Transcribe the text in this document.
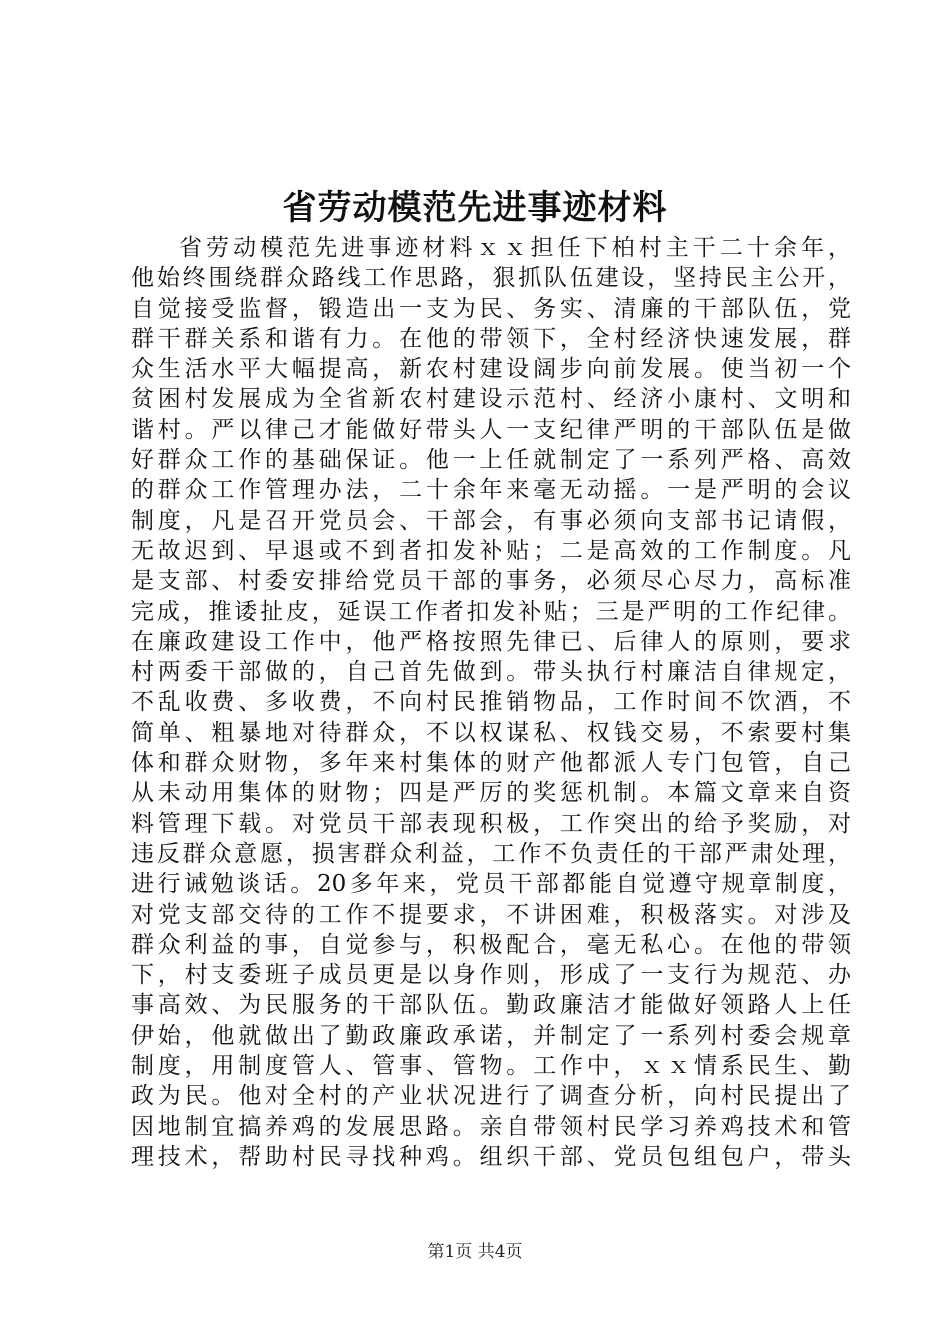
省劳动模范先进事迹材料
省劳动模范先进事迹材料ｘｘ担任下柏村主干二十余年，
他始终围绕群众路线工作思路，狠抓队伍建设，坚持民主公开，
自觉接受监督，锻造出一支为民、务实、清廉的干部队伍，党
群干群关系和谐有力。在他的带领下，全村经济快速发展，群
众生活水平大幅提高，新农村建设阔步向前发展。使当初一个
贫困村发展成为全省新农村建设示范村、经济小康村、文明和
谐村。严以律己才能做好带头人一支纪律严明的干部队伍是做
好群众工作的基础保证。他一上任就制定了一系列严格、高效
的群众工作管理办法，二十余年来毫无动摇。一是严明的会议
制度，凡是召开党员会、干部会，有事必须向支部书记请假，
无故迟到、早退或不到者扣发补贴；二是高效的工作制度。凡
是支部、村委安排给党员干部的事务，必须尽心尽力，高标准
完成，推诿扯皮，延误工作者扣发补贴；三是严明的工作纪律。
在廉政建设工作中，他严格按照先律已、后律人的原则，要求
村两委干部做的，自己首先做到。带头执行村廉洁自律规定，
不乱收费、多收费，不向村民推销物品，工作时间不饮酒，不
简单、粗暴地对待群众，不以权谋私、权钱交易，不索要村集
体和群众财物，多年来村集体的财产他都派人专门包管，自己
从未动用集体的财物；四是严厉的奖惩机制。本篇文章来自资
料管理下载。对党员干部表现积极，工作突出的给予奖励，对
违反群众意愿，损害群众利益，工作不负责任的干部严肃处理，
进行诫勉谈话。20多年来，党员干部都能自觉遵守规章制度，
对党支部交待的工作不提要求，不讲困难，积极落实。对涉及
群众利益的事，自觉参与，积极配合，毫无私心。在他的带领
下，村支委班子成员更是以身作则，形成了一支行为规范、办
事高效、为民服务的干部队伍。勤政廉洁才能做好领路人上任
伊始，他就做出了勤政廉政承诺，并制定了一系列村委会规章
制度，用制度管人、管事、管物。工作中，ｘｘ情系民生、勤
政为民。他对全村的产业状况进行了调查分析，向村民提出了
因地制宜搞养鸡的发展思路。亲自带领村民学习养鸡技术和管
理技术，帮助村民寻找种鸡。组织干部、党员包组包户，带头
第1页 共4页
